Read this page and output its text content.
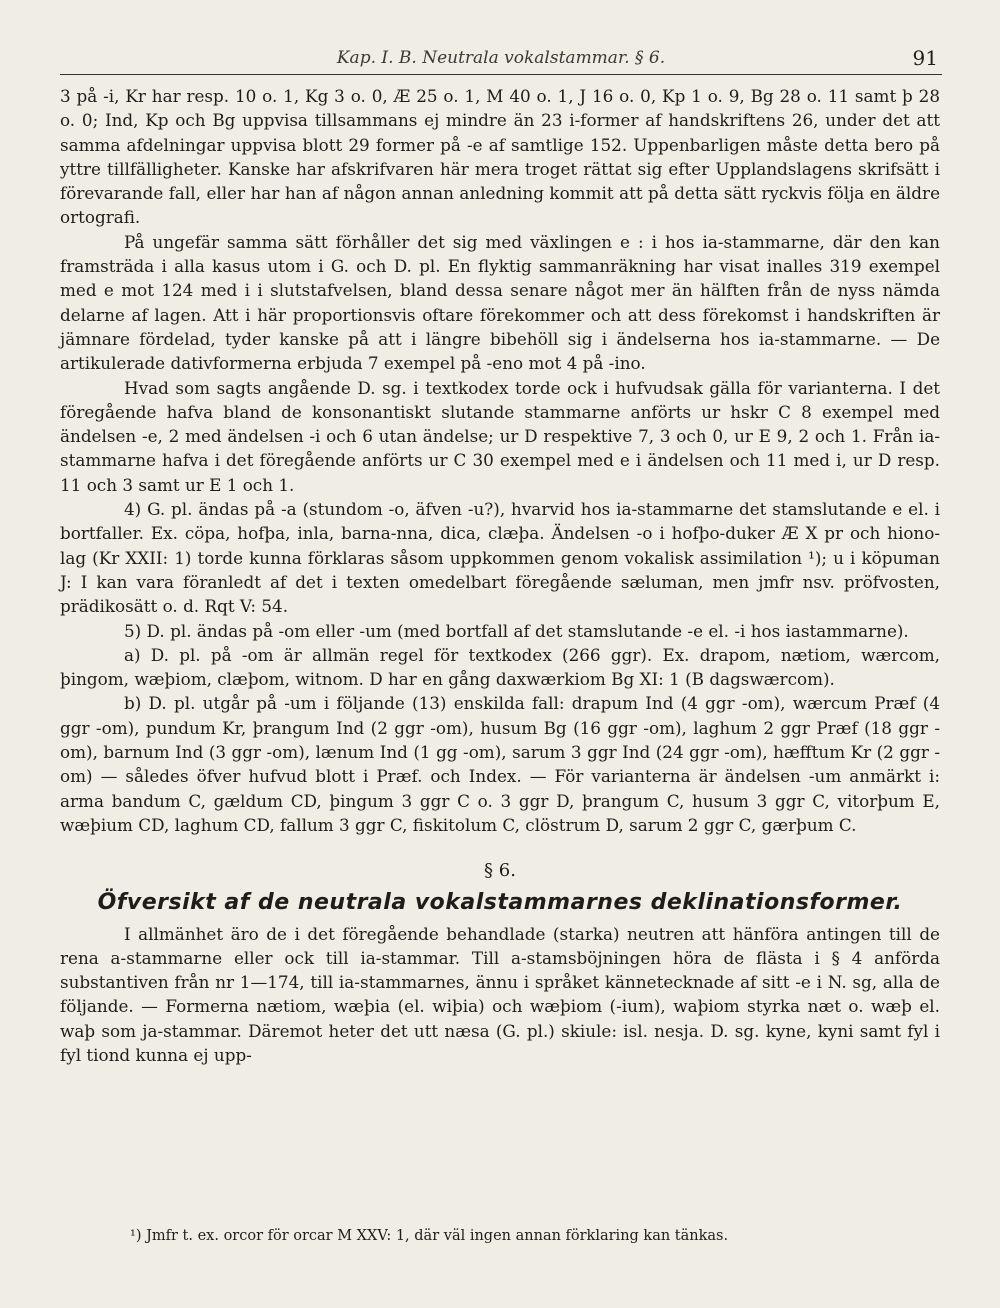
Kap. I. B. Neutrala vokalstammar. § 6.	91

3 på -i, Kr har resp. 10 o. 1, Kg 3 o. 0, Æ 25 o. 1, M 40 o. 1, J 16 o. 0, Kp 1 o. 9, Bg 28 o. 11 samt þ 28 o. 0; Ind, Kp och Bg uppvisa tillsammans ej mindre än 23 i-former af handskriftens 26, under det att samma afdelningar uppvisa blott 29 former på -e af samtlige 152. Uppenbarligen måste detta bero på yttre tillfälligheter. Kanske har afskrifvaren här mera troget rättat sig efter Upplandslagens skrifsätt i förevarande fall, eller har han af någon annan anledning kommit att på detta sätt ryckvis följa en äldre ortografi.

På ungefär samma sätt förhåller det sig med växlingen e : i hos ia-stammarne, där den kan framsträda i alla kasus utom i G. och D. pl. En flyktig sammanräkning har visat inalles 319 exempel med e mot 124 med i i slutstafvelsen, bland dessa senare något mer än hälften från de nyss nämda delarne af lagen. Att i här proportionsvis oftare förekommer och att dess förekomst i handskriften är jämnare fördelad, tyder kanske på att i längre bibehöll sig i ändelserna hos ia-stammarne. — De artikulerade dativformerna erbjuda 7 exempel på -eno mot 4 på -ino.

Hvad som sagts angående D. sg. i textkodex torde ock i hufvudsak gälla för varianterna. I det föregående hafva bland de konsonantiskt slutande stammarne anförts ur hskr C 8 exempel med ändelsen -e, 2 med ändelsen -i och 6 utan ändelse; ur D respektive 7, 3 och 0, ur E 9, 2 och 1. Från ia-stammarne hafva i det föregående anförts ur C 30 exempel med e i ändelsen och 11 med i, ur D resp. 11 och 3 samt ur E 1 och 1.

4) G. pl. ändas på -a (stundom -o, äfven -u?), hvarvid hos ia-stammarne det stamslutande e el. i bortfaller. Ex. cöpa, hofþa, inla, barna-nna, dica, clæþa. Ändelsen -o i hofþo-duker Æ X pr och hiono-lag (Kr XXII: 1) torde kunna förklaras såsom uppkommen genom vokalisk assimilation ¹); u i köpuman J: I kan vara föranledt af det i texten omedelbart föregående sæluman, men jmfr nsv. pröfvosten, prädikosätt o. d. Rqt V: 54.

5) D. pl. ändas på -om eller -um (med bortfall af det stamslutande -e el. -i hos iastammarne).

a) D. pl. på -om är allmän regel för textkodex (266 ggr). Ex. drapom, nætiom, wærcom, þingom, wæþiom, clæþom, witnom. D har en gång daxwærkiom Bg XI: 1 (B dagswærcom).

b) D. pl. utgår på -um i följande (13) enskilda fall: drapum Ind (4 ggr -om), wærcum Præf (4 ggr -om), pundum Kr, þrangum Ind (2 ggr -om), husum Bg (16 ggr -om), laghum 2 ggr Præf (18 ggr -om), barnum Ind (3 ggr -om), lænum Ind (1 gg -om), sarum 3 ggr Ind (24 ggr -om), hæfftum Kr (2 ggr -om) — således öfver hufvud blott i Præf. och Index. — För varianterna är ändelsen -um anmärkt i: arma bandum C, gældum CD, þingum 3 ggr C o. 3 ggr D, þrangum C, husum 3 ggr C, vitorþum E, wæþium CD, laghum CD, fallum 3 ggr C, fiskitolum C, clöstrum D, sarum 2 ggr C, gærþum C.

§ 6.
Öfversikt af de neutrala vokalstammarnes deklinationsformer.

I allmänhet äro de i det föregående behandlade (starka) neutren att hänföra antingen till de rena a-stammarne eller ock till ia-stammar. Till a-stamsböjningen höra de flästa i § 4 anförda substantiven från nr 1—174, till ia-stammarnes, ännu i språket kännetecknade af sitt -e i N. sg, alla de följande. — Formerna nætiom, wæþia (el. wiþia) och wæþiom (-ium), waþiom styrka næt o. wæþ el. waþ som ja-stammar. Däremot heter det utt næsa (G. pl.) skiule: isl. nesja. D. sg. kyne, kyni samt fyl i fyl tiond kunna ej upp-

¹) Jmfr t. ex. orcor för orcar M XXV: 1, där väl ingen annan förklaring kan tänkas.
